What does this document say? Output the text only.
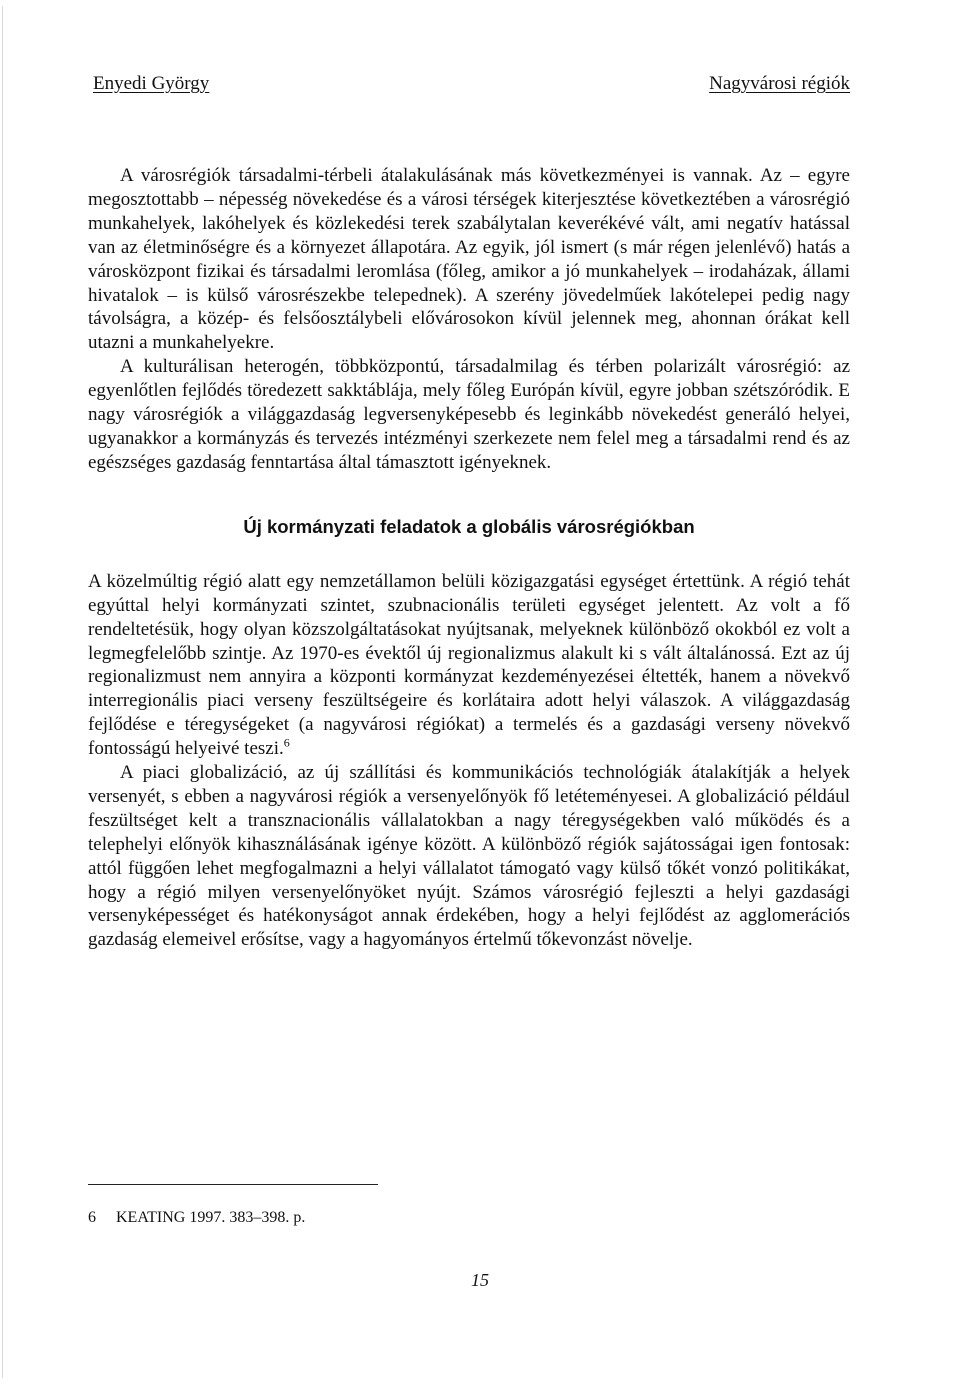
Enyedi György	Nagyvárosi régiók

A városrégiók társadalmi-térbeli átalakulásának más következményei is vannak. Az – egyre megosztottabb – népesség növekedése és a városi térségek kiterjesztése következtében a városrégió munkahelyek, lakóhelyek és közlekedési terek szabálytalan keverékévé vált, ami negatív hatással van az életminőségre és a környezet állapotára. Az egyik, jól ismert (s már régen jelenlévő) hatás a városközpont fizikai és társadalmi leromlása (főleg, amikor a jó munkahelyek – irodaházak, állami hivatalok – is külső városrészekbe telepednek). A szerény jövedelműek lakótelepei pedig nagy távolságra, a közép- és felsőosztálybeli elővárosokon kívül jelennek meg, ahonnan órákat kell utazni a munkahelyekre.

A kulturálisan heterogén, többközpontú, társadalmilag és térben polarizált városrégió: az egyenlőtlen fejlődés töredezett sakktáblája, mely főleg Európán kívül, egyre jobban szétszóródik. E nagy városrégiók a világgazdaság legversenyképesebb és leginkább növekedést generáló helyei, ugyanakkor a kormányzás és tervezés intézményi szerkezete nem felel meg a társadalmi rend és az egészséges gazdaság fenntartása által támasztott igényeknek.

Új kormányzati feladatok a globális városrégiókban

A közelmúltig régió alatt egy nemzetállamon belüli közigazgatási egységet értettünk. A régió tehát egyúttal helyi kormányzati szintet, szubnacionális területi egységet jelentett. Az volt a fő rendeltetésük, hogy olyan közszolgáltatásokat nyújtsanak, melyeknek különböző okokból ez volt a legmegfelelőbb szintje. Az 1970-es évektől új regionalizmus alakult ki s vált általánossá. Ezt az új regionalizmust nem annyira a központi kormányzat kezdeményezései éltették, hanem a növekvő interregionális piaci verseny feszültségeire és korlátaira adott helyi válaszok. A világgazdaság fejlődése e téregységeket (a nagyvárosi régiókat) a termelés és a gazdasági verseny növekvő fontosságú helyeivé teszi.$^6$

A piaci globalizáció, az új szállítási és kommunikációs technológiák átalakítják a helyek versenyét, s ebben a nagyvárosi régiók a versenyelőnyök fő letéteményesei. A globalizáció például feszültséget kelt a transznacionális vállalatokban a nagy téregységekben való működés és a telephelyi előnyök kihasználásának igénye között. A különböző régiók sajátosságai igen fontosak: attól függően lehet megfogalmazni a helyi vállalatot támogató vagy külső tőkét vonzó politikákat, hogy a régió milyen versenyelőnyöket nyújt. Számos városrégió fejleszti a helyi gazdasági versenyképességet és hatékonyságot annak érdekében, hogy a helyi fejlődést az agglomerációs gazdaság elemeivel erősítse, vagy a hagyományos értelmű tőkevonzást növelje.

6 KEATING 1997. 383–398. p.
15
